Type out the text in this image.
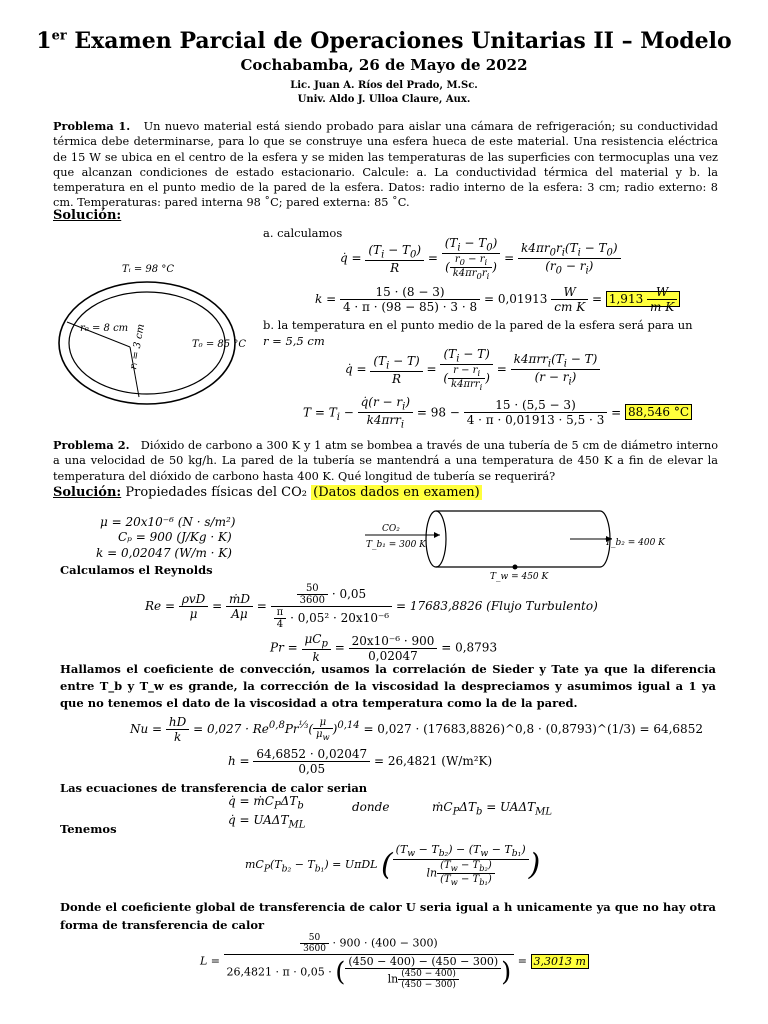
1er Examen Parcial de Operaciones Unitarias II – Modelo
Cochabamba, 26 de Mayo de 2022
Lic. Juan A. Ríos del Prado, M.Sc.
Univ. Aldo J. Ulloa Claure, Aux.
Problema 1. Un nuevo material está siendo probado para aislar una cámara de refrigeración; su conductividad térmica debe determinarse, para lo que se construye una esfera hueca de este material. Una resistencia eléctrica de 15 W se ubica en el centro de la esfera y se miden las temperaturas de las superficies con termocuplas una vez que alcanzan condiciones de estado estacionario. Calcule: a. La conductividad térmica del material y b. la temperatura en el punto medio de la pared de la esfera. Datos: radio interno de la esfera: 3 cm; radio externo: 8 cm. Temperaturas: pared interna 98 ˚C; pared externa: 85 ˚C.
Solución:
Tᵢ = 98 °C
r₀ = 8 cm rᵢ = 3 cm	T₀ = 85 °C
a. calculamos
q̇ = $\frac{(T_i - T_0)}{R} = \frac{(T_i - T_0)}{( \frac{r_0 - r_i}{k4\pi r_0r_i} )} = \frac{k4\pi r_0r_i(T_i - T_0)}{(r_0 - r_i)}$
$k = \frac{15 \cdot (8 - 3)}{4 \cdot \pi \cdot (98 - 85) \cdot 3 \cdot 8} = 0,01913 \frac{W}{\text{cm K}} = 1,913 \frac{W}{\text{m K}}$
b. la temperatura en el punto medio de la pared de la esfera será para un
r = 5,5 cm
q̇ = $\frac{(T_i - T)}{R} = \frac{(T_i - T)}{( \frac{r - r_i}{k4\pi rr_i} )} = \frac{k4\pi rr_i(T_i - T)}{(r - r_i)}$
$T = T_i - \frac{q̇(r - r_i)}{k4\pi rr_i} = 98 - \frac{15 \cdot (5,5 - 3)}{4 \cdot \pi \cdot 0,01913 \cdot 5,5 \cdot 3} = 88,546$ °C
Problema 2. Dióxido de carbono a 300 K y 1 atm se bombea a través de una tubería de 5 cm de diámetro interno a una velocidad de 50 kg/h. La pared de la tubería se mantendrá a una temperatura de 450 K a fin de elevar la temperatura del dióxido de carbono hasta 400 K. Qué longitud de tubería se requerirá?
Solución: Propiedades físicas del CO₂ (Datos dados en examen)
μ = 20x10⁻⁶ (N · s/m²)
Cₚ = 900 (J/Kg · K)
k = 0,02047 (W/m · K)
CO₂
T_b₁ = 300 K	T_b₂ = 400 K
T_w = 450 K
Calculamos el Reynolds
$Re = \frac{\text{ρvD}}{\mu} = \frac{\text{ṁD}}{A\mu} = \frac{\frac{50}{3600} \cdot 0,05}{\frac{\pi}{4} \cdot 0,05^2 \cdot 20x10^{-6}} = 17683,8826$ (Flujo Turbulento)
$Pr = \frac{\mu C_p}{k} = \frac{\text{20x10⁻⁶ · 900}}{0,02047} = 0,8793$
Hallamos el coeficiente de convección, usamos la correlación de Sieder y Tate ya que la diferencia entre T_b y T_w es grande, la corrección de la viscosidad la despreciamos y asumimos igual a 1 ya que no tenemos el dato de la viscosidad a otra temperatura como la de la pared.
$Nu = \frac{hD}{k} = 0,027 \cdot Re^{0,8}Pr^{\frac{1}{3}}( \frac{\mu}{\mu_w} )^{0,14} = 0,027$ · (17683,8826)^0,8 · (0,8793)^(1/3) = 64,6852
$h = \frac{64,6852 \cdot 0,02047}{0,05} = 26,4821$ (W/m²K)
Las ecuaciones de transferencia de calor serian
q̇ = $ṁC_P\Delta T_b$
q̇ = $UA\Delta T_{ML}$
donde	$ṁC_P\Delta T_b = UA\Delta T_{ML}$
Tenemos
$mC_P(T_{b_2} - T_{b_1}) = U\pi DL$ ( $\frac{(T_w - T_{b_2}) - (T_w - T_{b_1})}{\ln \frac{(T_w - T_{b_2})}{(T_w - T_{b_1})}}$ )
Donde el coeficiente global de transferencia de calor U seria igual a h unicamente ya que no hay otra forma de transferencia de calor
L =
$\frac{50}{3600} \cdot 900 \cdot (400 - 300)$
26,4821 · π · 0,05 · ( $\frac{(450 - 400) - (450 - 300)}{\ln \frac{(450 - 400)}{(450 - 300)}}$ ) = 3,3013 m
